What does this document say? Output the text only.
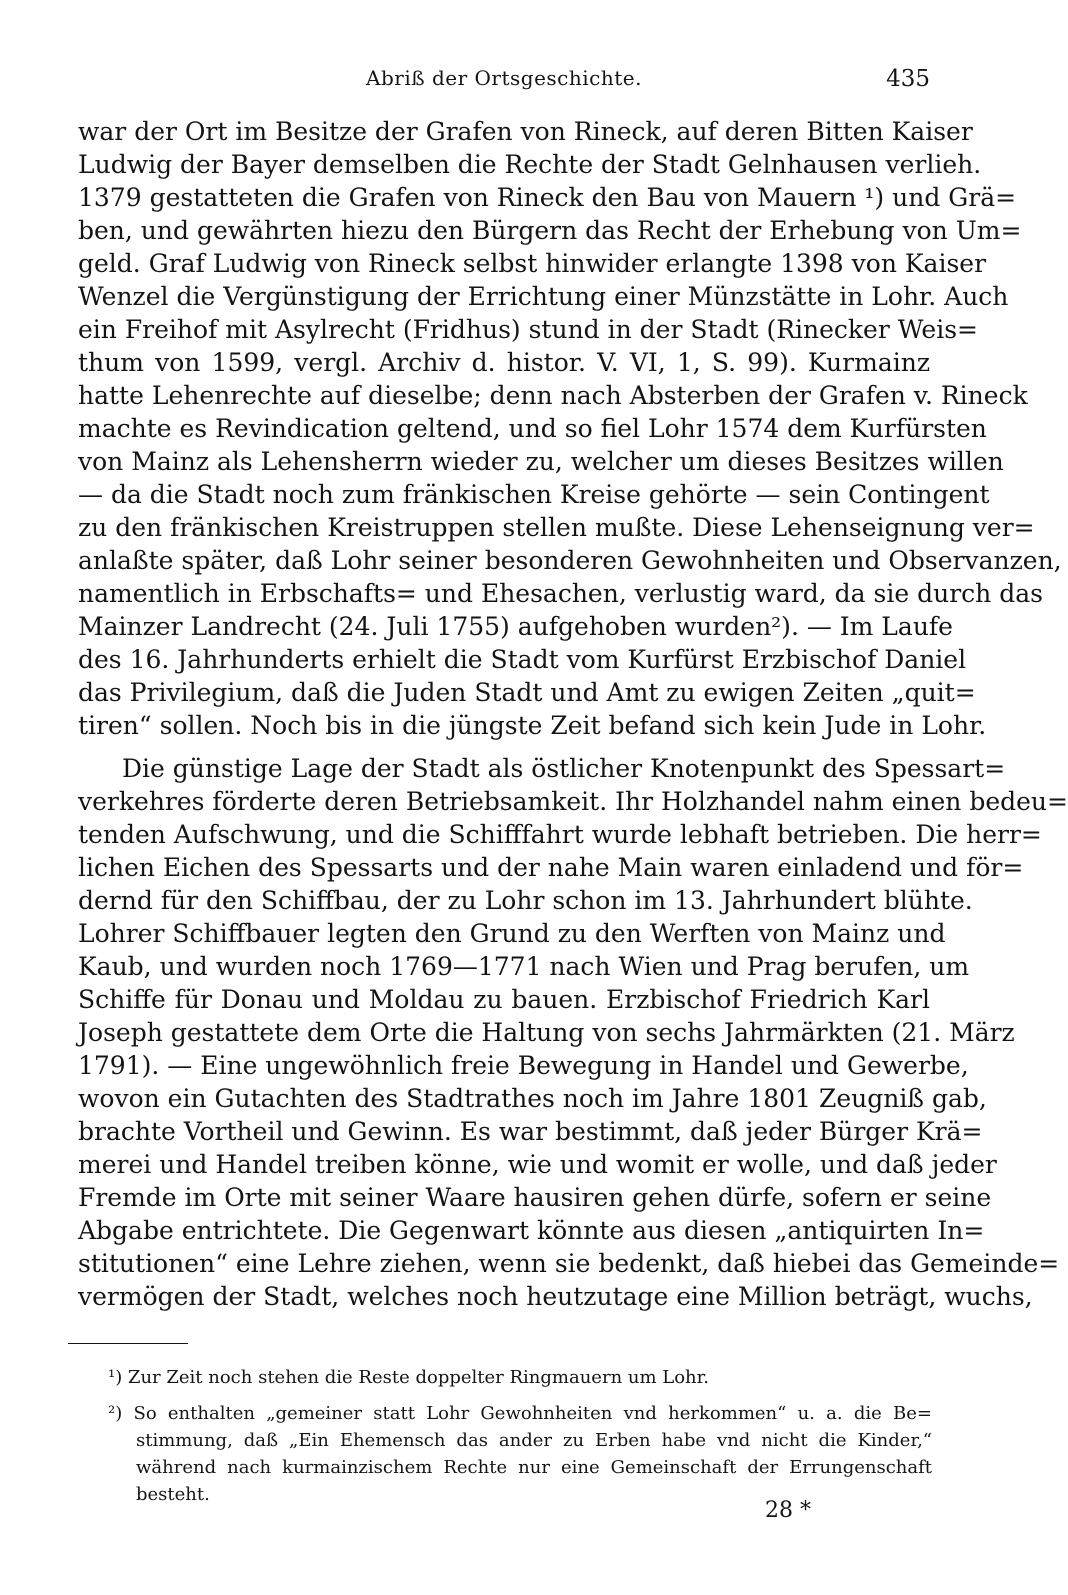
Abriß der Ortsgeschichte.	435
war der Ort im Besitze der Grafen von Rineck, auf deren Bitten Kaiser
Ludwig der Bayer demselben die Rechte der Stadt Gelnhausen verlieh.
1379 gestatteten die Grafen von Rineck den Bau von Mauern ¹) und Grä=
ben, und gewährten hiezu den Bürgern das Recht der Erhebung von Um=
geld. Graf Ludwig von Rineck selbst hinwider erlangte 1398 von Kaiser
Wenzel die Vergünstigung der Errichtung einer Münzstätte in Lohr. Auch
ein Freihof mit Asylrecht (Fridhus) stund in der Stadt (Rinecker Weis=
thum von 1599, vergl. Archiv d. histor. V. VI, 1, S. 99). Kurmainz
hatte Lehenrechte auf dieselbe; denn nach Absterben der Grafen v. Rineck
machte es Revindication geltend, und so fiel Lohr 1574 dem Kurfürsten
von Mainz als Lehensherrn wieder zu, welcher um dieses Besitzes willen
— da die Stadt noch zum fränkischen Kreise gehörte — sein Contingent
zu den fränkischen Kreistruppen stellen mußte. Diese Lehenseignung ver=
anlaßte später, daß Lohr seiner besonderen Gewohnheiten und Observanzen,
namentlich in Erbschafts= und Ehesachen, verlustig ward, da sie durch das
Mainzer Landrecht (24. Juli 1755) aufgehoben wurden²). — Im Laufe
des 16. Jahrhunderts erhielt die Stadt vom Kurfürst Erzbischof Daniel
das Privilegium, daß die Juden Stadt und Amt zu ewigen Zeiten „quit=
tiren“ sollen. Noch bis in die jüngste Zeit befand sich kein Jude in Lohr.
Die günstige Lage der Stadt als östlicher Knotenpunkt des Spessart=
verkehres förderte deren Betriebsamkeit. Ihr Holzhandel nahm einen bedeu=
tenden Aufschwung, und die Schifffahrt wurde lebhaft betrieben. Die herr=
lichen Eichen des Spessarts und der nahe Main waren einladend und för=
dernd für den Schiffbau, der zu Lohr schon im 13. Jahrhundert blühte.
Lohrer Schiffbauer legten den Grund zu den Werften von Mainz und
Kaub, und wurden noch 1769—1771 nach Wien und Prag berufen, um
Schiffe für Donau und Moldau zu bauen. Erzbischof Friedrich Karl
Joseph gestattete dem Orte die Haltung von sechs Jahrmärkten (21. März
1791). — Eine ungewöhnlich freie Bewegung in Handel und Gewerbe,
wovon ein Gutachten des Stadtrathes noch im Jahre 1801 Zeugniß gab,
brachte Vortheil und Gewinn. Es war bestimmt, daß jeder Bürger Krä=
merei und Handel treiben könne, wie und womit er wolle, und daß jeder
Fremde im Orte mit seiner Waare hausiren gehen dürfe, sofern er seine
Abgabe entrichtete. Die Gegenwart könnte aus diesen „antiquirten In=
stitutionen“ eine Lehre ziehen, wenn sie bedenkt, daß hiebei das Gemeinde=
vermögen der Stadt, welches noch heutzutage eine Million beträgt, wuchs,
¹) Zur Zeit noch stehen die Reste doppelter Ringmauern um Lohr.
²) So enthalten „gemeiner statt Lohr Gewohnheiten vnd herkommen“ u. a. die Be=
stimmung, daß „Ein Ehemensch das ander zu Erben habe vnd nicht die Kinder,“
während nach kurmainzischem Rechte nur eine Gemeinschaft der Errungenschaft
besteht.
28 *
